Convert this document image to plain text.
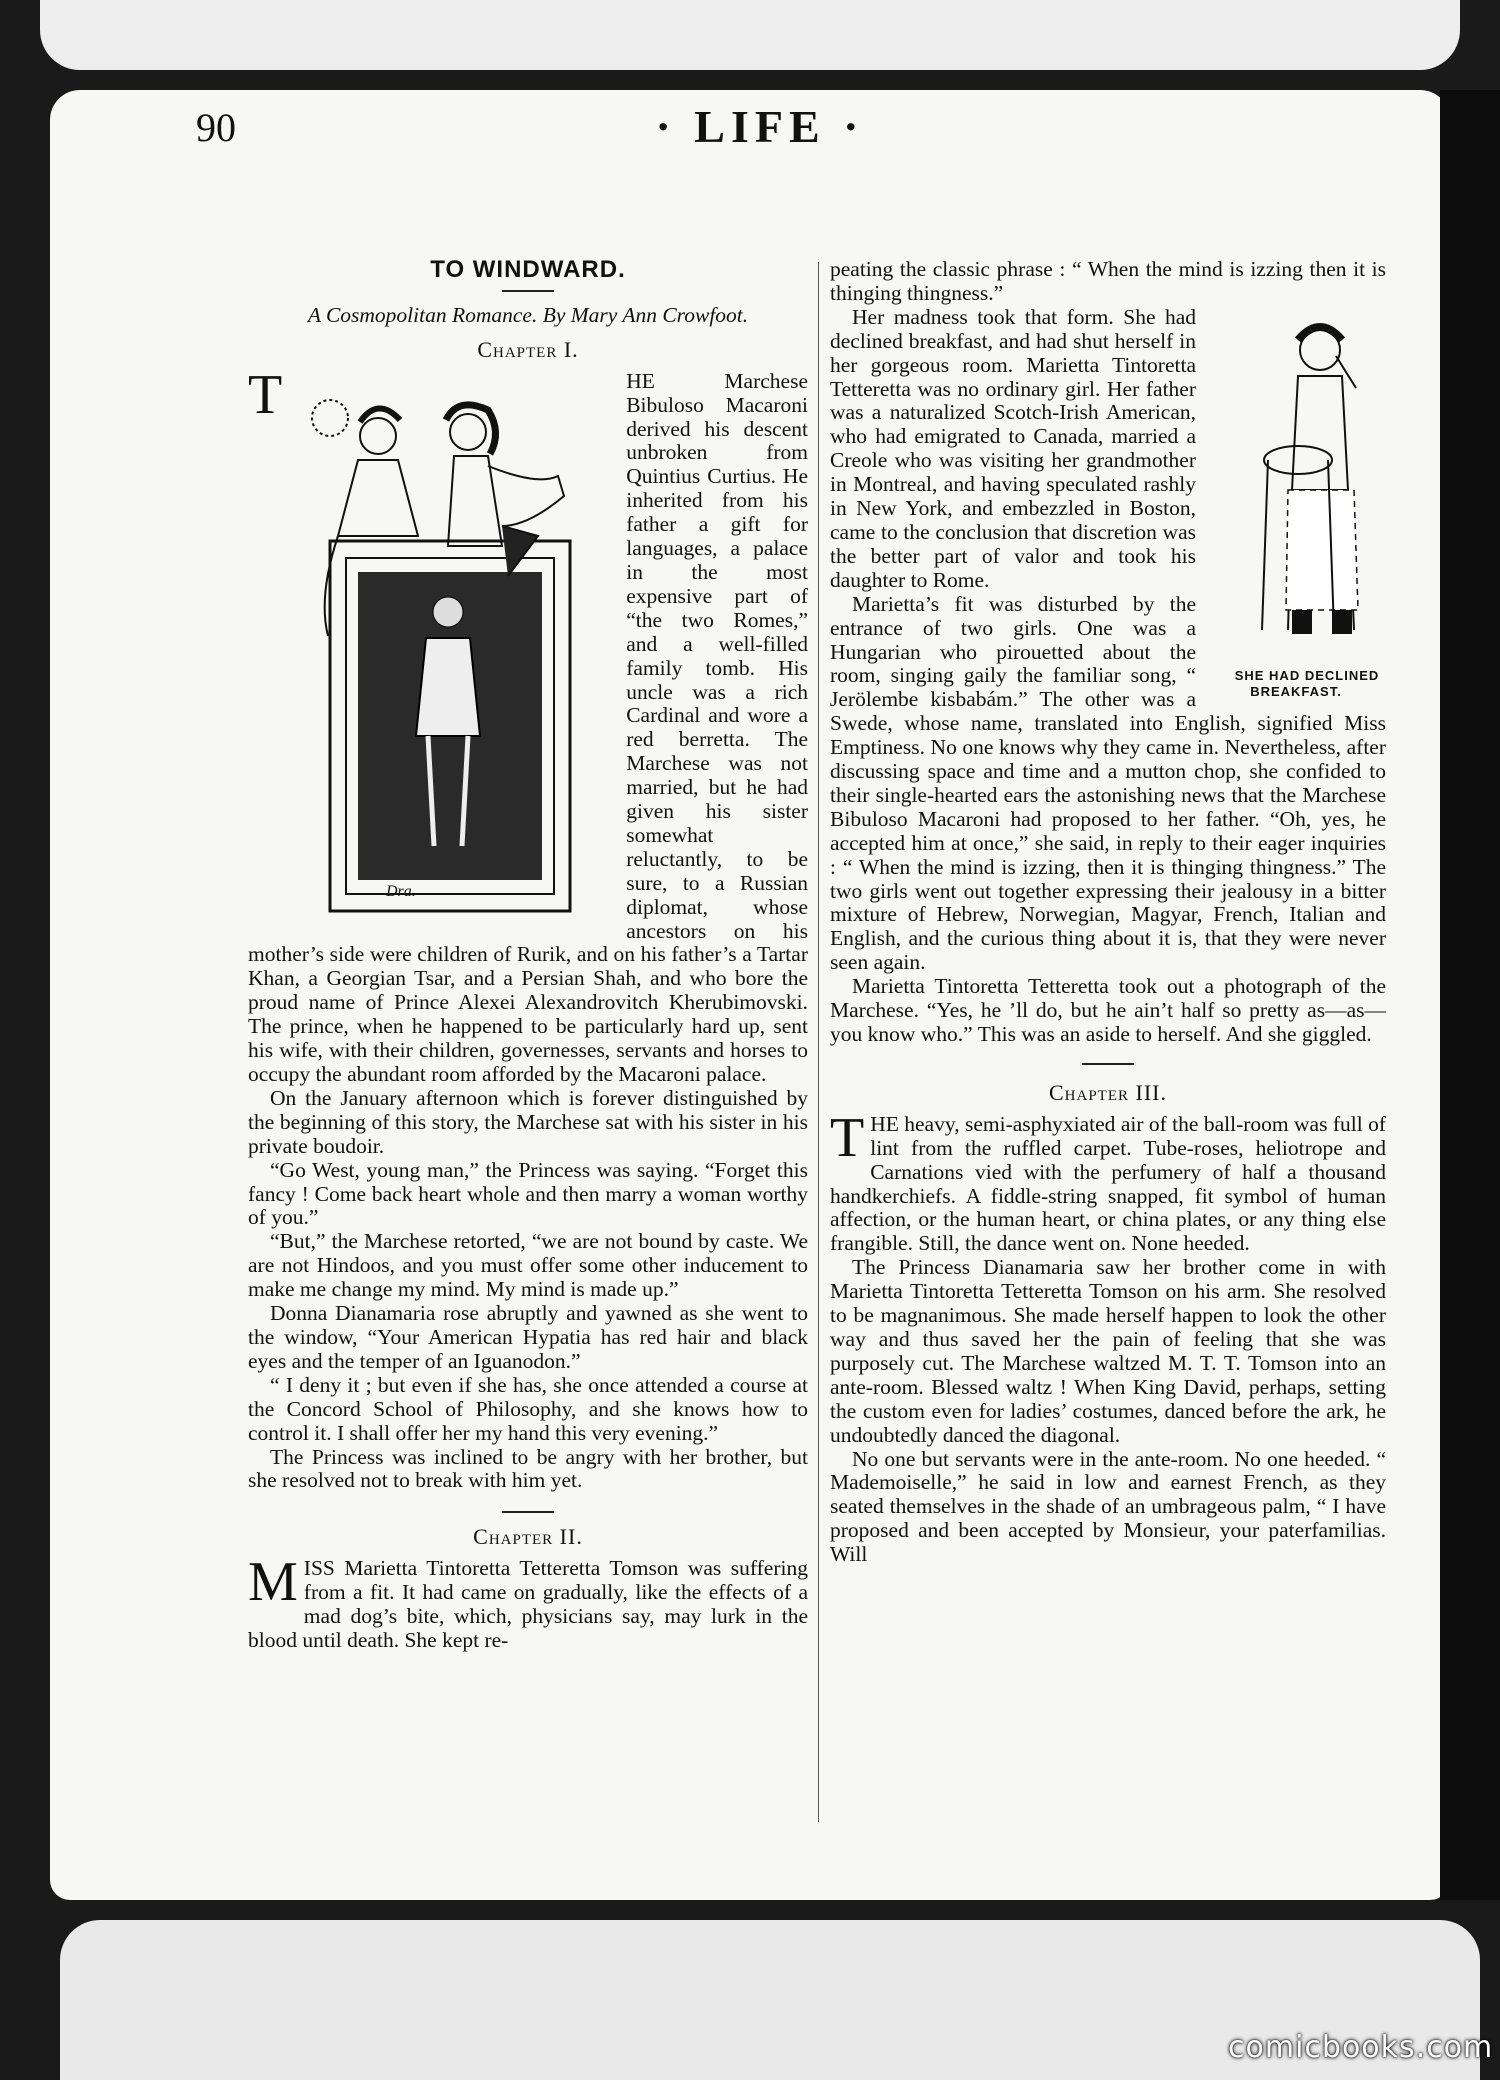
90	· LIFE ·
TO WINDWARD.
A Cosmopolitan Romance. By Mary Ann Crowfoot.
Chapter I.

T
Dra.
HE Marchese Bibuloso Macaroni derived his descent unbroken from Quintius Curtius. He inherited from his father a gift for languages, a palace in the most expensive part of “the two Romes,” and a well-filled family tomb. His uncle was a rich Cardinal and wore a red berretta. The Marchese was not married, but he had given his sister somewhat reluctantly, to be sure, to a Russian diplomat, whose ancestors on his mother’s side were children of Rurik, and on his father’s a Tartar Khan, a Georgian Tsar, and a Persian Shah, and who bore the proud name of Prince Alexei Alexandrovitch Kherubimovski. The prince, when he happened to be particularly hard up, sent his wife, with their children, governesses, servants and horses to occupy the abundant room afforded by the Macaroni palace.

On the January afternoon which is forever distinguished by the beginning of this story, the Marchese sat with his sister in his private boudoir.

“Go West, young man,” the Princess was saying. “Forget this fancy ! Come back heart whole and then marry a woman worthy of you.”

“But,” the Marchese retorted, “we are not bound by caste. We are not Hindoos, and you must offer some other inducement to make me change my mind. My mind is made up.”

Donna Dianamaria rose abruptly and yawned as she went to the window, “Your American Hypatia has red hair and black eyes and the temper of an Iguanodon.”

“ I deny it ; but even if she has, she once attended a course at the Concord School of Philosophy, and she knows how to control it. I shall offer her my hand this very evening.”

The Princess was inclined to be angry with her brother, but she resolved not to break with him yet.

Chapter II.

M ISS Marietta Tintoretta Tetteretta Tomson was suffering from a fit. It had came on gradually, like the effects of a mad dog’s bite, which, physicians say, may lurk in the blood until death. She kept re-

peating the classic phrase : “ When the mind is izzing then it is thinging thingness.”

SHE HAD DECLINED BREAKFAST.
Her madness took that form. She had declined breakfast, and had shut herself in her gorgeous room. Marietta Tintoretta Tetteretta was no ordinary girl. Her father was a naturalized Scotch-Irish American, who had emigrated to Canada, married a Creole who was visiting her grandmother in Montreal, and having speculated rashly in New York, and embezzled in Boston, came to the conclusion that discretion was the better part of valor and took his daughter to Rome.

Marietta’s fit was disturbed by the entrance of two girls. One was a Hungarian who pirouetted about the room, singing gaily the familiar song, “ Jerölembe kisbabám.” The other was a Swede, whose name, translated into English, signified Miss Emptiness. No one knows why they came in. Nevertheless, after discussing space and time and a mutton chop, she confided to their single-hearted ears the astonishing news that the Marchese Bibuloso Macaroni had proposed to her father. “Oh, yes, he accepted him at once,” she said, in reply to their eager inquiries : “ When the mind is izzing, then it is thinging thingness.” The two girls went out together expressing their jealousy in a bitter mixture of Hebrew, Norwegian, Magyar, French, Italian and English, and the curious thing about it is, that they were never seen again.

Marietta Tintoretta Tetteretta took out a photograph of the Marchese. “Yes, he ’ll do, but he ain’t half so pretty as—as—you know who.” This was an aside to herself. And she giggled.

Chapter III.

T HE heavy, semi-asphyxiated air of the ball-room was full of lint from the ruffled carpet. Tube-roses, heliotrope and Carnations vied with the perfumery of half a thousand handkerchiefs. A fiddle-string snapped, fit symbol of human affection, or the human heart, or china plates, or any thing else frangible. Still, the dance went on. None heeded.

The Princess Dianamaria saw her brother come in with Marietta Tintoretta Tetteretta Tomson on his arm. She resolved to be magnanimous. She made herself happen to look the other way and thus saved her the pain of feeling that she was purposely cut. The Marchese waltzed M. T. T. Tomson into an ante-room. Blessed waltz ! When King David, perhaps, setting the custom even for ladies’ costumes, danced before the ark, he undoubtedly danced the diagonal.

No one but servants were in the ante-room. No one heeded. “ Mademoiselle,” he said in low and earnest French, as they seated themselves in the shade of an umbrageous palm, “ I have proposed and been accepted by Monsieur, your paterfamilias. Will

comicbooks.com
